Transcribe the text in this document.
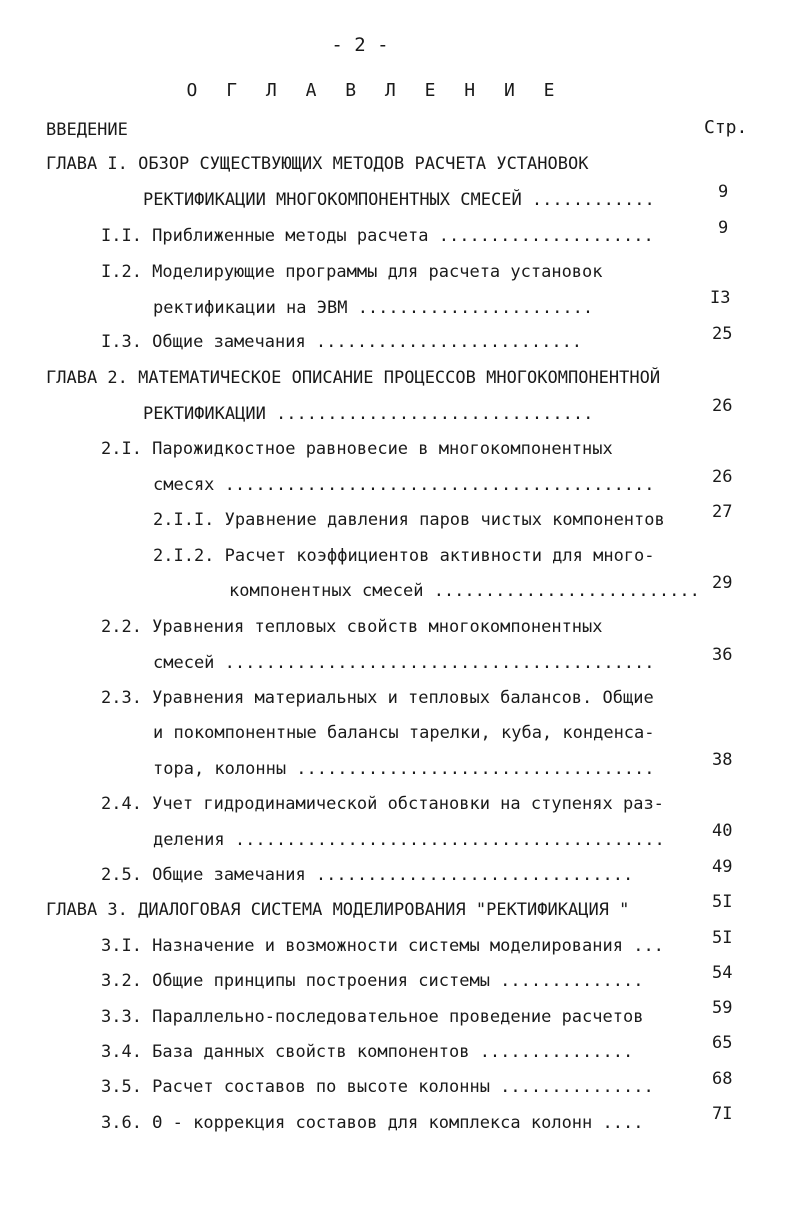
- 2 -
О Г Л А В Л Е Н И Е
ВВЕДЕНИЕ	Стр.
ГЛАВА I. ОБЗОР СУЩЕСТВУЮЩИХ МЕТОДОВ РАСЧЕТА УСТАНОВОК
РЕКТИФИКАЦИИ МНОГОКОМПОНЕНТНЫХ СМЕСЕЙ ............	9
I.I. Приближенные методы расчета .....................	9
I.2. Моделирующие программы для расчета установок
ректификации на ЭВМ .......................	I3
I.3. Общие замечания ..........................	25
ГЛАВА 2. МАТЕМАТИЧЕСКОЕ ОПИСАНИЕ ПРОЦЕССОВ МНОГОКОМПОНЕНТНОЙ
РЕКТИФИКАЦИИ ...............................	26
2.I. Парожидкостное равновесие в многокомпонентных
смесях ..........................................	26
2.I.I. Уравнение давления паров чистых компонентов	27
2.I.2. Расчет коэффициентов активности для много-
компонентных смесей .......................... 29
2.2. Уравнения тепловых свойств многокомпонентных
смесей ..........................................	36
2.3. Уравнения материальных и тепловых балансов. Общие
и покомпонентные балансы тарелки, куба, конденса-
тора, колонны ...................................	38
2.4. Учет гидродинамической обстановки на ступенях раз-
деления ..........................................	40
2.5. Общие замечания ...............................	49
ГЛАВА 3. ДИАЛОГОВАЯ СИСТЕМА МОДЕЛИРОВАНИЯ "РЕКТИФИКАЦИЯ "	5I
3.I. Назначение и возможности системы моделирования ...	5I
3.2. Общие принципы построения системы ..............	54
3.3. Параллельно-последовательное проведение расчетов	59
3.4. База данных свойств компонентов ...............	65
3.5. Расчет составов по высоте колонны ...............	68
3.6. Θ - коррекция составов для комплекса колонн ....	7I
